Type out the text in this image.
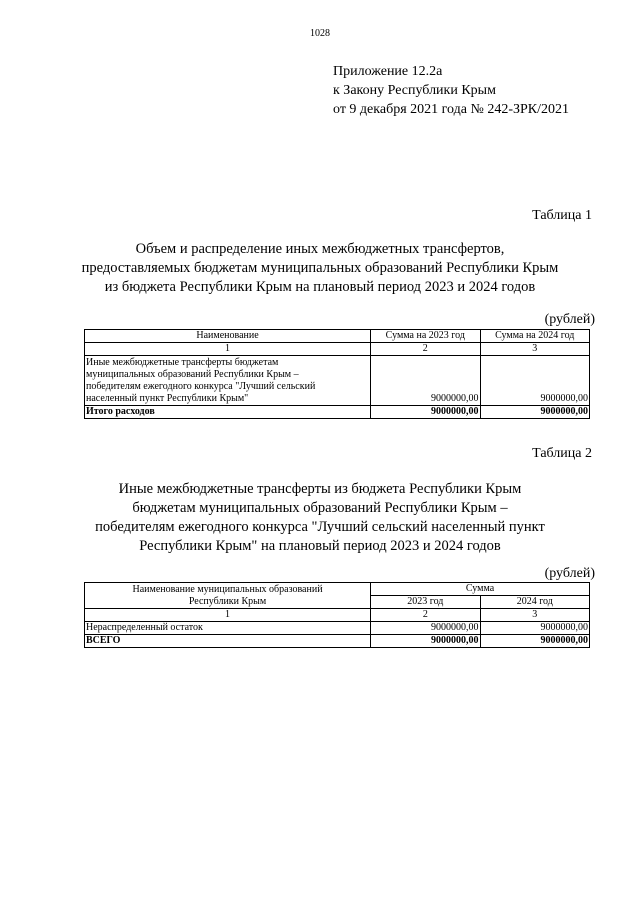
1028
Приложение 12.2а
к Закону Республики Крым
от 9 декабря 2021 года № 242-ЗРК/2021
Таблица 1
Объем и распределение иных межбюджетных трансфертов,
предоставляемых бюджетам муниципальных образований Республики Крым
из бюджета Республики Крым на плановый период 2023 и 2024 годов
(рублей)
Наименование	Сумма на 2023 год	Сумма на 2024 год
1	2	3

Иные межбюджетные трансферты бюджетам
муниципальных образований Республики Крым –
победителям ежегодного конкурса "Лучший сельский
населенный пункт Республики Крым"	9000000,00	9000000,00
Итого расходов	9000000,00	9000000,00
Таблица 2
Иные межбюджетные трансферты из бюджета Республики Крым
бюджетам муниципальных образований Республики Крым –
победителям ежегодного конкурса "Лучший сельский населенный пункт
Республики Крым" на плановый период 2023 и 2024 годов
(рублей)
Наименование муниципальных образований
Республики Крым	Сумма	
	2023 год	2024 год
1	2	3
Нераспределенный остаток	9000000,00	9000000,00
ВСЕГО	9000000,00	9000000,00
